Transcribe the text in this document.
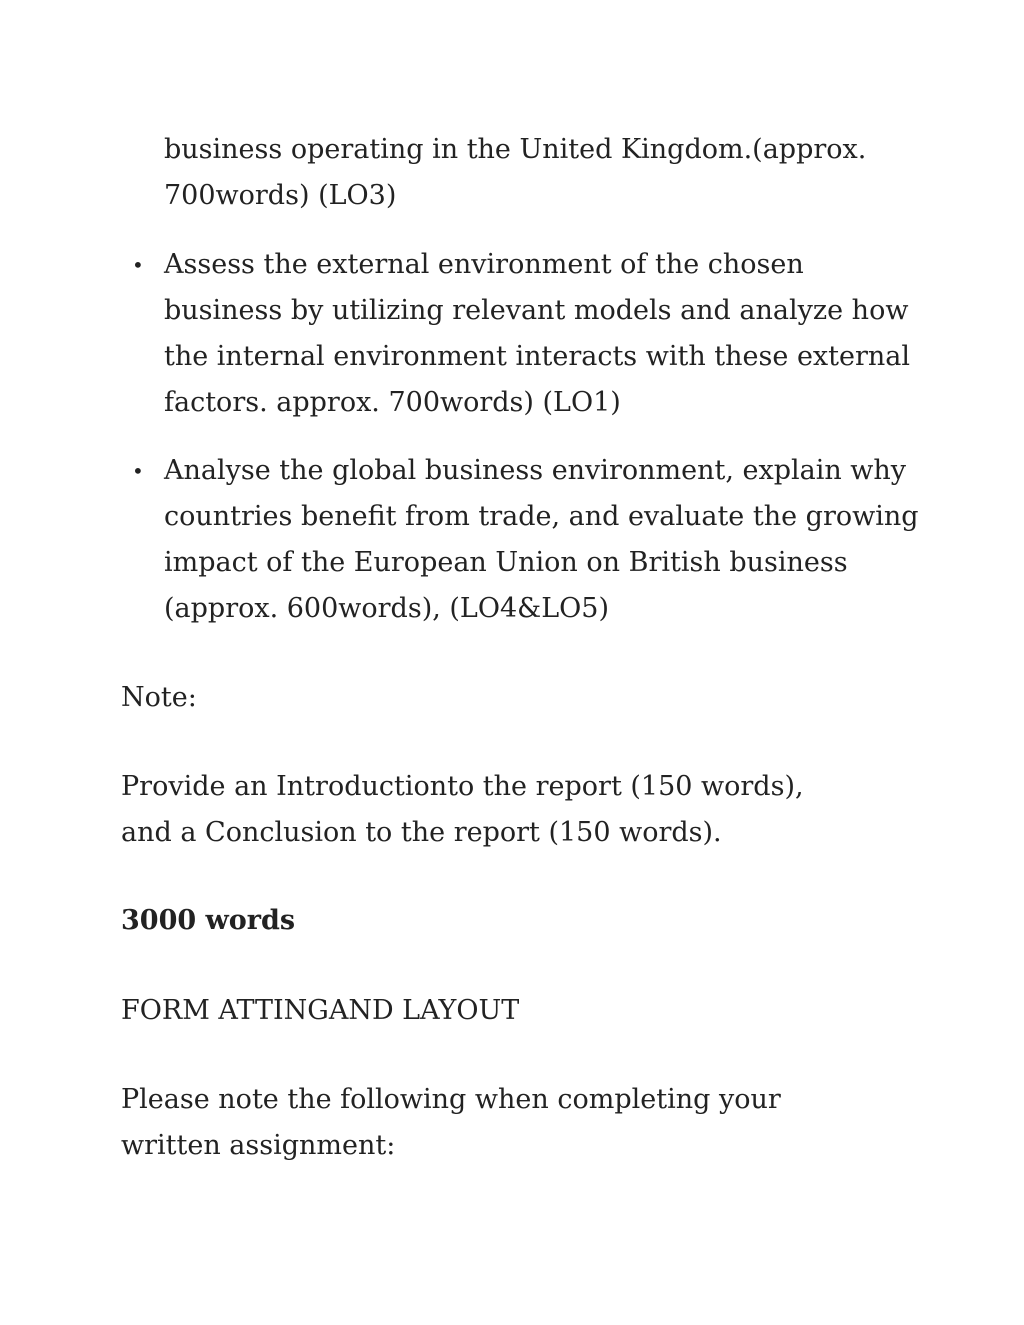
business operating in the United Kingdom.(approx. 700words) (LO3)
• Assess the external environment of the chosen business by utilizing relevant models and analyze how the internal environment interacts with these external factors. approx. 700words) (LO1)
• Analyse the global business environment, explain why countries benefit from trade, and evaluate the growing impact of the European Union on British business (approx. 600words), (LO4&LO5)

Note:

Provide an Introductionto the report (150 words), and a Conclusion to the report (150 words).

3000 words

FORM ATTINGAND LAYOUT

Please note the following when completing your written assignment:
